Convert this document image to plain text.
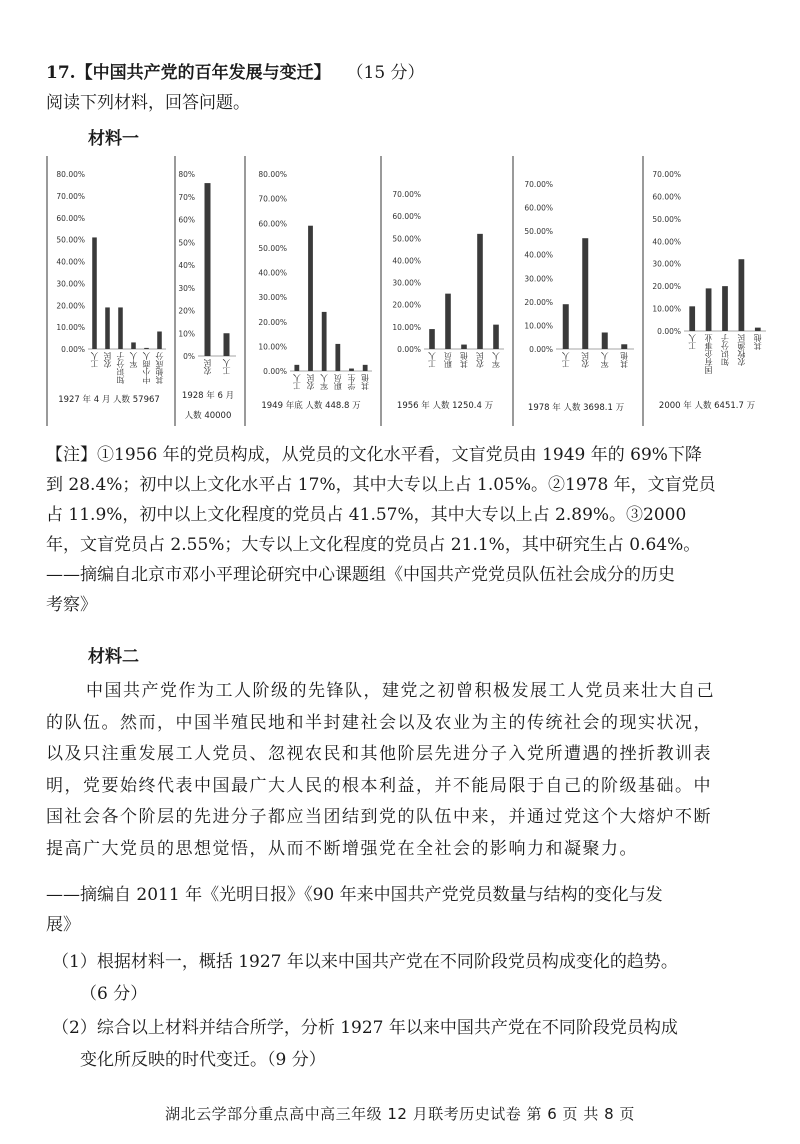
17.【中国共产党的百年发展与变迁】 （15 分）
阅读下列材料，回答问题。
材料一
0.00%
10.00%
20.00%
30.00%
40.00%
50.00%
60.00%
70.00%
80.00%
工人 农民 知识分子 军人 中小商人 其他成分
1927 年 4 月 人数 57967
0%
10%
20%
30%
40%
50%
60%
70%
80%
农民 工人
1928 年 6 月
人数 40000
0.00%
10.00%
20.00%
30.00%
40.00%
50.00%
60.00%
70.00%
80.00%
工人 农民 军人 职员 学生 其他
1949 年底 人数 448.8 万
0.00%
10.00%
20.00%
30.00%
40.00%
50.00%
60.00%
70.00%
工人 职员 其他 农民 军人
1956 年 人数 1250.4 万
0.00%
10.00%
20.00%
30.00%
40.00%
50.00%
60.00%
70.00%
工人 农民 军人 其他
1978 年 人数 3698.1 万
0.00%
10.00%
20.00%
30.00%
40.00%
50.00%
60.00%
70.00%
工人 国有企事业 知识分子 农牧渔民 其他
2000 年 人数 6451.7 万
【注】①1956 年的党员构成，从党员的文化水平看，文盲党员由 1949 年的 69%下降
到 28.4%；初中以上文化水平占 17%，其中大专以上占 1.05%。②1978 年，文盲党员
占 11.9%，初中以上文化程度的党员占 41.57%，其中大专以上占 2.89%。③2000
年，文盲党员占 2.55%；大专以上文化程度的党员占 21.1%，其中研究生占 0.64%。
——摘编自北京市邓小平理论研究中心课题组《中国共产党党员队伍社会成分的历史
考察》
材料二
中国共产党作为工人阶级的先锋队，建党之初曾积极发展工人党员来壮大自己
的队伍。然而，中国半殖民地和半封建社会以及农业为主的传统社会的现实状况，
以及只注重发展工人党员、忽视农民和其他阶层先进分子入党所遭遇的挫折教训表
明，党要始终代表中国最广大人民的根本利益，并不能局限于自己的阶级基础。中
国社会各个阶层的先进分子都应当团结到党的队伍中来，并通过党这个大熔炉不断
提高广大党员的思想觉悟，从而不断增强党在全社会的影响力和凝聚力。
——摘编自 2011 年《光明日报》《90 年来中国共产党党员数量与结构的变化与发
展》
（1）根据材料一，概括 1927 年以来中国共产党在不同阶段党员构成变化的趋势。
（6 分）
（2）综合以上材料并结合所学，分析 1927 年以来中国共产党在不同阶段党员构成
变化所反映的时代变迁。（9 分）
湖北云学部分重点高中高三年级 12 月联考历史试卷 第 6 页 共 8 页
